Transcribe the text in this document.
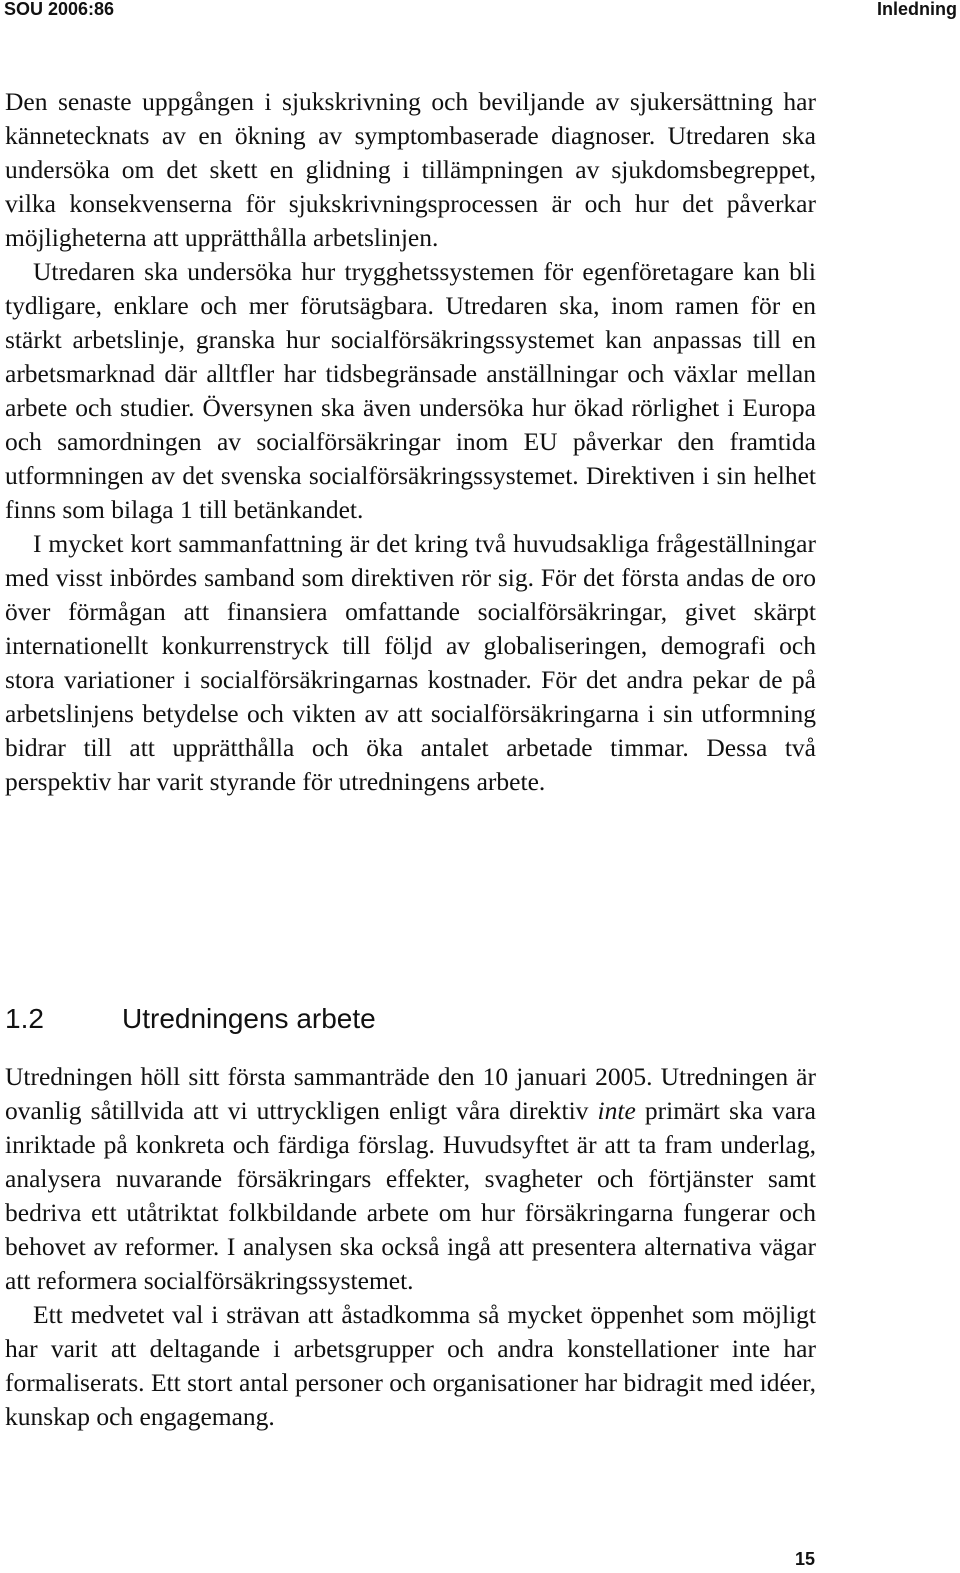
SOU 2006:86	Inledning

Den senaste uppgången i sjukskrivning och beviljande av sjukersättning har kännetecknats av en ökning av symptombaserade diagnoser. Utredaren ska undersöka om det skett en glidning i tillämpningen av sjukdomsbegreppet, vilka konsekvenserna för sjukskrivningsprocessen är och hur det påverkar möjligheterna att upprätthålla arbetslinjen.

Utredaren ska undersöka hur trygghetssystemen för egenföretagare kan bli tydligare, enklare och mer förutsägbara. Utredaren ska, inom ramen för en stärkt arbetslinje, granska hur socialförsäkringssystemet kan anpassas till en arbetsmarknad där alltfler har tidsbegränsade anställningar och växlar mellan arbete och studier. Översynen ska även undersöka hur ökad rörlighet i Europa och samordningen av socialförsäkringar inom EU påverkar den framtida utformningen av det svenska socialförsäkringssystemet. Direktiven i sin helhet finns som bilaga 1 till betänkandet.

I mycket kort sammanfattning är det kring två huvudsakliga frågeställningar med visst inbördes samband som direktiven rör sig. För det första andas de oro över förmågan att finansiera omfattande socialförsäkringar, givet skärpt internationellt konkurrenstryck till följd av globaliseringen, demografi och stora variationer i socialförsäkringarnas kostnader. För det andra pekar de på arbetslinjens betydelse och vikten av att socialförsäkringarna i sin utformning bidrar till att upprätthålla och öka antalet arbetade timmar. Dessa två perspektiv har varit styrande för utredningens arbete.

1.2	Utredningens arbete

Utredningen höll sitt första sammanträde den 10 januari 2005. Utredningen är ovanlig såtillvida att vi uttryckligen enligt våra direktiv inte primärt ska vara inriktade på konkreta och färdiga förslag. Huvudsyftet är att ta fram underlag, analysera nuvarande försäkringars effekter, svagheter och förtjänster samt bedriva ett utåtriktat folkbildande arbete om hur försäkringarna fungerar och behovet av reformer. I analysen ska också ingå att presentera alternativa vägar att reformera socialförsäkringssystemet.

Ett medvetet val i strävan att åstadkomma så mycket öppenhet som möjligt har varit att deltagande i arbetsgrupper och andra konstellationer inte har formaliserats. Ett stort antal personer och organisationer har bidragit med idéer, kunskap och engagemang.

15
